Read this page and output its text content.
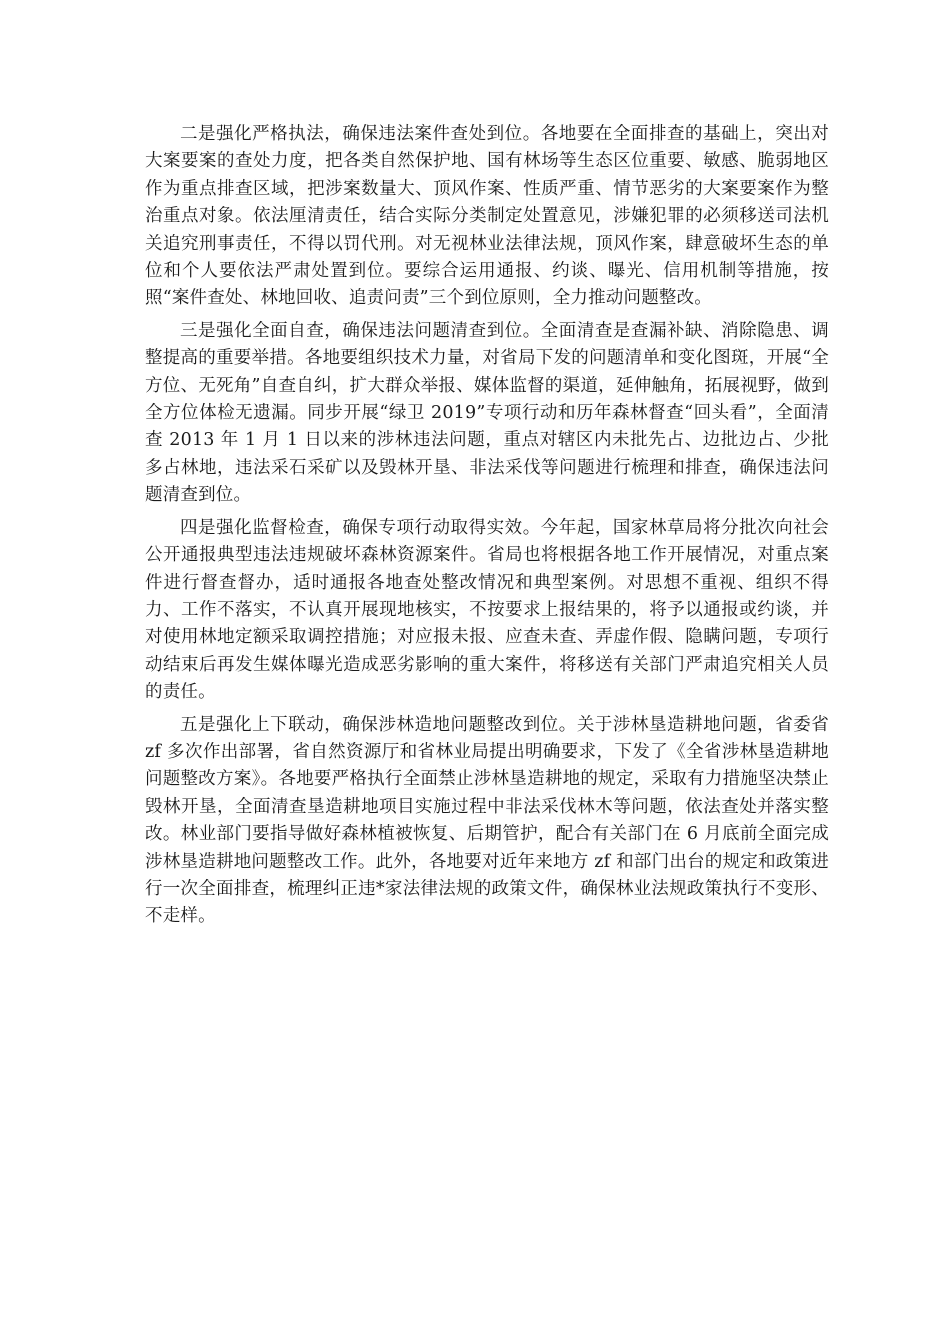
二是强化严格执法，确保违法案件查处到位。各地要在全面排查的基础上，突出对大案要案的查处力度，把各类自然保护地、国有林场等生态区位重要、敏感、脆弱地区作为重点排查区域，把涉案数量大、顶风作案、性质严重、情节恶劣的大案要案作为整治重点对象。依法厘清责任，结合实际分类制定处置意见，涉嫌犯罪的必须移送司法机关追究刑事责任，不得以罚代刑。对无视林业法律法规，顶风作案，肆意破坏生态的单位和个人要依法严肃处置到位。要综合运用通报、约谈、曝光、信用机制等措施，按照“案件查处、林地回收、追责问责”三个到位原则，全力推动问题整改。

三是强化全面自查，确保违法问题清查到位。全面清查是查漏补缺、消除隐患、调整提高的重要举措。各地要组织技术力量，对省局下发的问题清单和变化图斑，开展“全方位、无死角”自查自纠，扩大群众举报、媒体监督的渠道，延伸触角，拓展视野，做到全方位体检无遗漏。同步开展“绿卫 2019”专项行动和历年森林督查“回头看”，全面清查 2013 年 1 月 1 日以来的涉林违法问题，重点对辖区内未批先占、边批边占、少批多占林地，违法采石采矿以及毁林开垦、非法采伐等问题进行梳理和排查，确保违法问题清查到位。

四是强化监督检查，确保专项行动取得实效。今年起，国家林草局将分批次向社会公开通报典型违法违规破坏森林资源案件。省局也将根据各地工作开展情况，对重点案件进行督查督办，适时通报各地查处整改情况和典型案例。对思想不重视、组织不得力、工作不落实，不认真开展现地核实，不按要求上报结果的，将予以通报或约谈，并对使用林地定额采取调控措施；对应报未报、应查未查、弄虚作假、隐瞒问题，专项行动结束后再发生媒体曝光造成恶劣影响的重大案件，将移送有关部门严肃追究相关人员的责任。

五是强化上下联动，确保涉林造地问题整改到位。关于涉林垦造耕地问题，省委省 zf 多次作出部署，省自然资源厅和省林业局提出明确要求，下发了《全省涉林垦造耕地问题整改方案》。各地要严格执行全面禁止涉林垦造耕地的规定，采取有力措施坚决禁止毁林开垦，全面清查垦造耕地项目实施过程中非法采伐林木等问题，依法查处并落实整改。林业部门要指导做好森林植被恢复、后期管护，配合有关部门在 6 月底前全面完成涉林垦造耕地问题整改工作。此外，各地要对近年来地方 zf 和部门出台的规定和政策进行一次全面排查，梳理纠正违*家法律法规的政策文件，确保林业法规政策执行不变形、不走样。
